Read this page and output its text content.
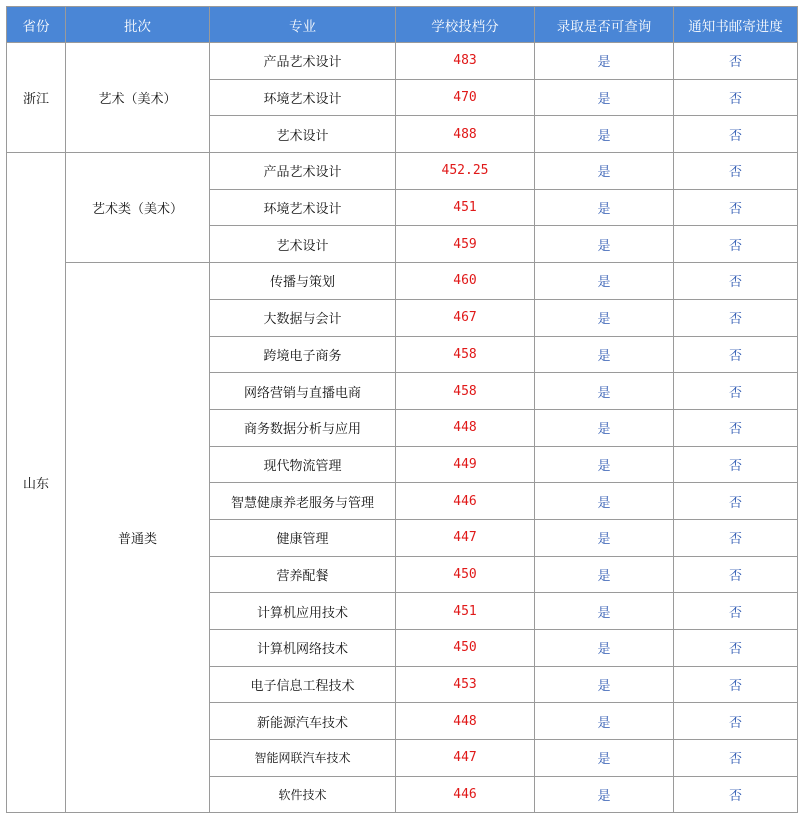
省份	批次	专业	学校投档分	录取是否可查询	通知书邮寄进度
浙江	艺术（美术）	产品艺术设计	483	是	否
		环境艺术设计	470	是	否
		艺术设计	488	是	否
山东	艺术类（美术）	产品艺术设计	452.25	是	否
		环境艺术设计	451	是	否
		艺术设计	459	是	否
	普通类	传播与策划	460	是	否
		大数据与会计	467	是	否
		跨境电子商务	458	是	否
		网络营销与直播电商	458	是	否
		商务数据分析与应用	448	是	否
		现代物流管理	449	是	否
		智慧健康养老服务与管理	446	是	否
		健康管理	447	是	否
		营养配餐	450	是	否
		计算机应用技术	451	是	否
		计算机网络技术	450	是	否
		电子信息工程技术	453	是	否
		新能源汽车技术	448	是	否
		智能网联汽车技术	447	是	否
		软件技术	446	是	否
